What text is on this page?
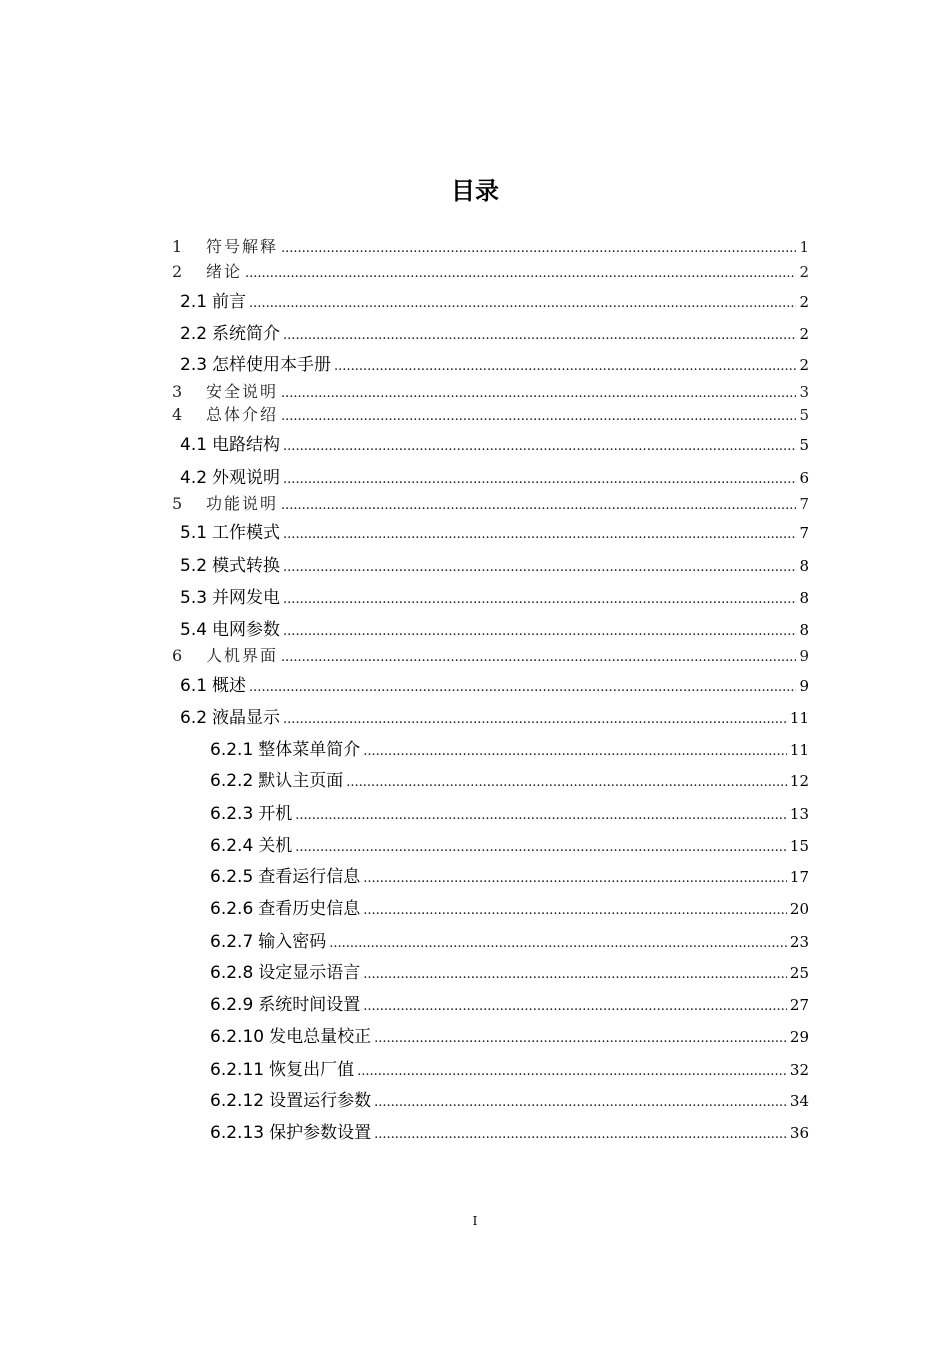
目录
1	符号解释 .....	1
2	绪论 .....	2
2.1 前言 .....	2
2.2 系统简介 .....	2
2.3 怎样使用本手册 .....	2
3	安全说明 .....	3
4	总体介绍 .....	5
4.1 电路结构 .....	5
4.2 外观说明 .....	6
5	功能说明 .....	7
5.1 工作模式 .....	7
5.2 模式转换 .....	8
5.3 并网发电 .....	8
5.4 电网参数 .....	8
6	人机界面 .....	9
6.1 概述 .....	9
6.2 液晶显示 .....	11
6.2.1 整体菜单简介 .....	11
6.2.2 默认主页面 .....	12
6.2.3 开机 .....	13
6.2.4 关机 .....	15
6.2.5 查看运行信息 .....	17
6.2.6 查看历史信息 .....	20
6.2.7 输入密码 .....	23
6.2.8 设定显示语言 .....	25
6.2.9 系统时间设置 .....	27
6.2.10 发电总量校正 .....	29
6.2.11 恢复出厂值 .....	32
6.2.12 设置运行参数 .....	34
6.2.13 保护参数设置 .....	36
I
